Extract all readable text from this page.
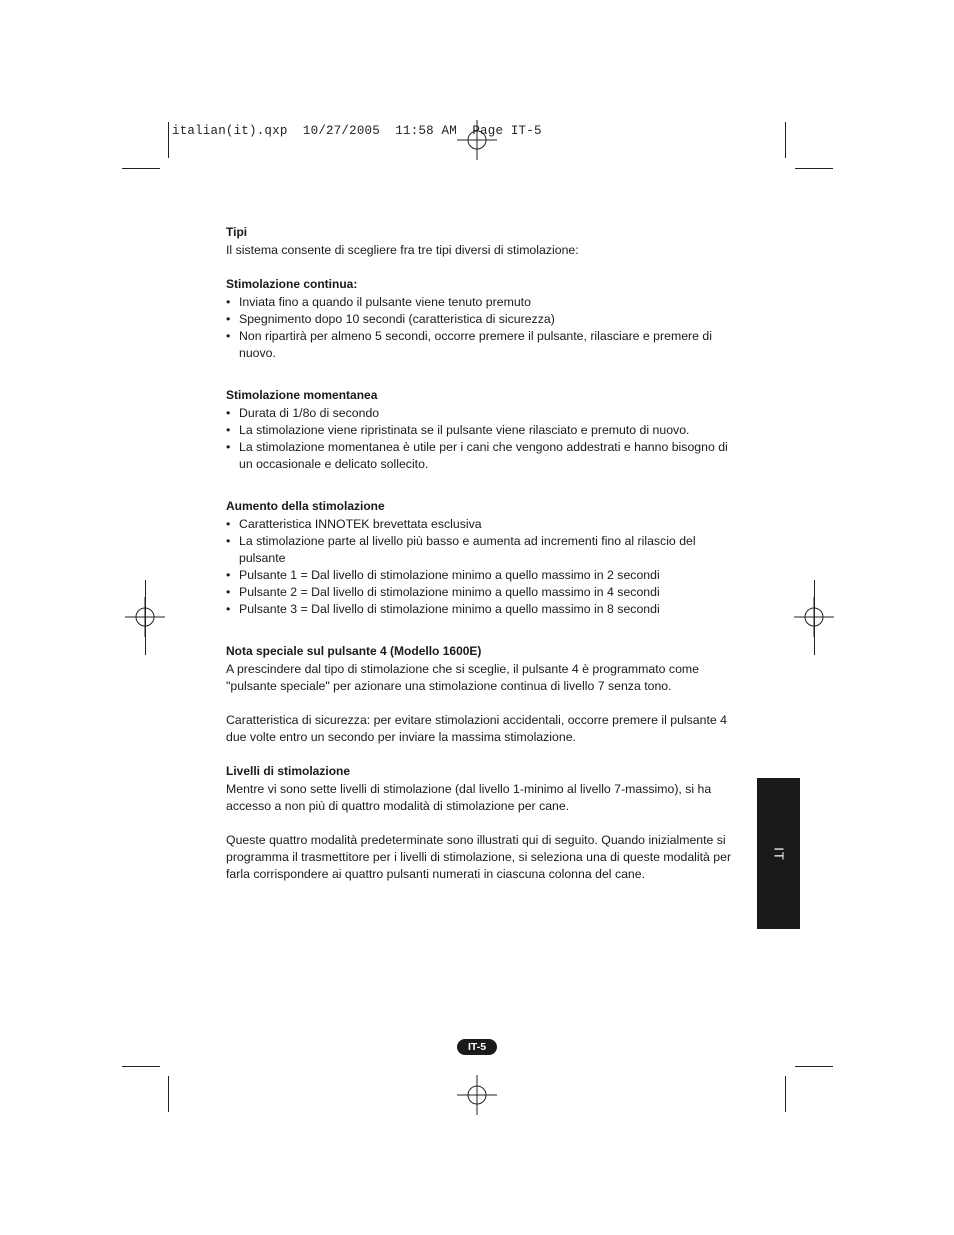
italian(it).qxp  10/27/2005  11:58 AM  Page IT-5
Tipi

Il sistema consente di scegliere fra tre tipi diversi di stimolazione:

Stimolazione continua:
• Inviata fino a quando il pulsante viene tenuto premuto
• Spegnimento dopo 10 secondi (caratteristica di sicurezza)
• Non ripartirà per almeno 5 secondi, occorre premere il pulsante, rilasciare e premere di nuovo.
Stimolazione momentanea
• Durata di 1/8o di secondo
• La stimolazione viene ripristinata se il pulsante viene rilasciato e premuto di nuovo.
• La stimolazione momentanea è utile per i cani che vengono addestrati e hanno bisogno di un occasionale e delicato sollecito.
Aumento della stimolazione
• Caratteristica INNOTEK brevettata esclusiva
• La stimolazione parte al livello più basso e aumenta ad incrementi fino al rilascio del pulsante
• Pulsante 1 = Dal livello di stimolazione minimo a quello massimo in 2 secondi
• Pulsante 2 = Dal livello di stimolazione minimo a quello massimo in 4 secondi
• Pulsante 3 = Dal livello di stimolazione minimo a quello massimo in 8 secondi
Nota speciale sul pulsante 4 (Modello 1600E)

A prescindere dal tipo di stimolazione che si sceglie, il pulsante 4 è programmato come "pulsante speciale" per azionare una stimolazione continua di livello 7 senza tono.

Caratteristica di sicurezza: per evitare stimolazioni accidentali, occorre premere il pulsante 4 due volte entro un secondo per inviare la massima stimolazione.

Livelli di stimolazione

Mentre vi sono sette livelli di stimolazione (dal livello 1-minimo al livello 7-massimo), si ha accesso a non più di quattro modalità di stimolazione per cane.

Queste quattro modalità predeterminate sono illustrati qui di seguito. Quando inizialmente si programma il trasmettitore per i livelli di stimolazione, si seleziona una di queste modalità per farla corrispondere ai quattro pulsanti numerati in ciascuna colonna del cane.

IT
IT-5
